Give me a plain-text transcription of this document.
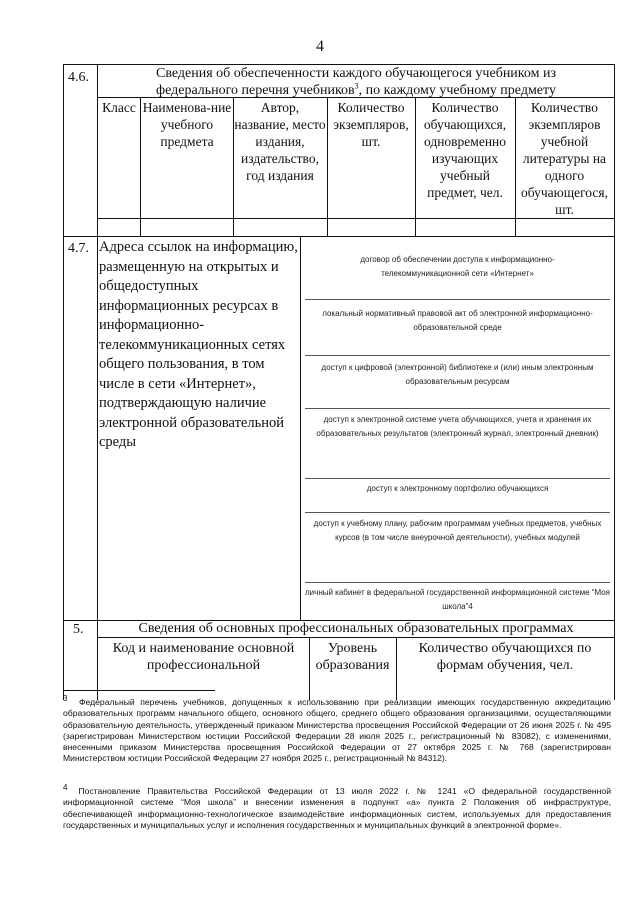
4
4.6.	Сведения об обеспеченности каждого обучающегося учебником из
федерального перечня учебников$^3$, по каждому учебному предмету
Класс Наименова-ние учебного предмета
Автор, название, место издания, издательство, год издания
Количество экземпляров, шт.
Количество обучающихся, одновременно изучающих учебный предмет, чел.
Количество экземпляров учебной литературы на одного обучающегося, шт.
4.7. Адреса ссылок на информацию, размещенную на открытых и общедоступных информационных ресурсах в информационно-телекоммуникационных сетях общего пользования, в том числе в сети «Интернет», подтверждающую наличие электронной образовательной среды
договор об обеспечении доступа к информационно-телекоммуникационной сети «Интернет»
локальный нормативный правовой акт об электронной информационно-образовательной среде
доступ к цифровой (электронной) библиотеке и (или) иным электронным образовательным ресурсам
доступ к электронной системе учета обучающихся, учета и хранения их образовательных результатов (электронный журнал, электронный дневник)
доступ к электронному портфолио обучающихся
доступ к учебному плану, рабочим программам учебных предметов, учебных курсов (в том числе внеурочной деятельности), учебных модулей
личный кабинет в федеральной государственной информационной системе “Моя школа”4
5.	Сведения об основных профессиональных образовательных программах
Код и наименование основной профессиональной
Уровень образования
Количество обучающихся по формам обучения, чел.
$^3$ Федеральный перечень учебников, допущенных к использованию при реализации имеющих государственную аккредитацию образовательных программ начального общего, основного общего, среднего общего образования организациями, осуществляющими образовательную деятельность, утвержденный приказом Министерства просвещения Российской Федерации от 26 июня 2025 г. № 495 (зарегистрирован Министерством юстиции Российской Федерации 28 июля 2025 г., регистрационный № 83082), с изменениями, внесенными приказом Министерства просвещения Российской Федерации от 27 октября 2025 г. № 768 (зарегистрирован Министерством юстиции Российской Федерации 27 ноября 2025 г., регистрационный № 84312).
$^4$ Постановление Правительства Российской Федерации от 13 июля 2022 г. № 1241 «О федеральной государственной информационной системе “Моя школа” и внесении изменения в подпункт «а» пункта 2 Положения об инфраструктуре, обеспечивающей информационно-технологическое взаимодействие информационных систем, используемых для предоставления государственных и муниципальных услуг и исполнения государственных и муниципальных функций в электронной форме».
